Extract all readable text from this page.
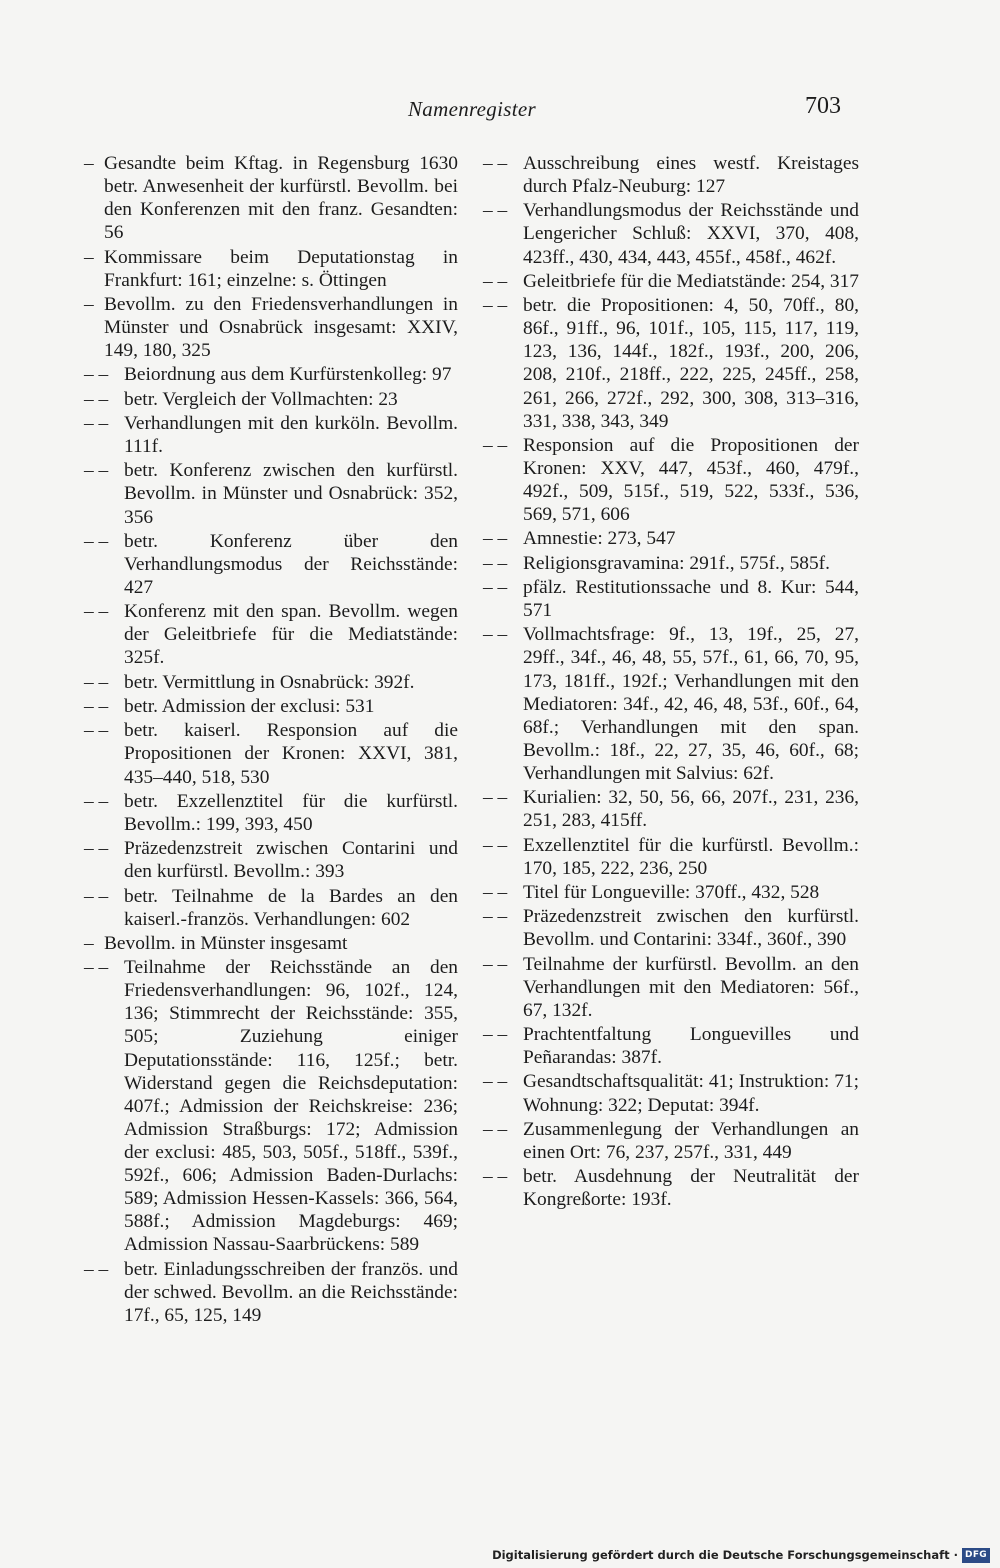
Namenregister	703
– Gesandte beim Kftag. in Regensburg 1630 betr. Anwesenheit der kurfürstl. Bevollm. bei den Konferenzen mit den franz. Gesandten: 56
– Kommissare beim Deputationstag in Frankfurt: 161; einzelne: s. Öttingen
– Bevollm. zu den Friedensverhandlungen in Münster und Osnabrück insgesamt: XXIV, 149, 180, 325
– – Beiordnung aus dem Kurfürstenkolleg: 97
– – betr. Vergleich der Vollmachten: 23
– – Verhandlungen mit den kurköln. Bevollm. 111f.
– – betr. Konferenz zwischen den kurfürstl. Bevollm. in Münster und Osnabrück: 352, 356
– – betr. Konferenz über den Verhandlungsmodus der Reichsstände: 427
– – Konferenz mit den span. Bevollm. wegen der Geleitbriefe für die Mediatstände: 325f.
– – betr. Vermittlung in Osnabrück: 392f.
– – betr. Admission der exclusi: 531
– – betr. kaiserl. Responsion auf die Propositionen der Kronen: XXVI, 381, 435–440, 518, 530
– – betr. Exzellenztitel für die kurfürstl. Bevollm.: 199, 393, 450
– – Präzedenzstreit zwischen Contarini und den kurfürstl. Bevollm.: 393
– – betr. Teilnahme de la Bardes an den kaiserl.-französ. Verhandlungen: 602
– Bevollm. in Münster insgesamt
– – Teilnahme der Reichsstände an den Friedensverhandlungen: 96, 102f., 124, 136; Stimmrecht der Reichsstände: 355, 505; Zuziehung einiger Deputationsstände: 116, 125f.; betr. Widerstand gegen die Reichsdeputation: 407f.; Admission der Reichskreise: 236; Admission Straßburgs: 172; Admission der exclusi: 485, 503, 505f., 518ff., 539f., 592f., 606; Admission Baden-Durlachs: 589; Admission Hessen-Kassels: 366, 564, 588f.; Admission Magdeburgs: 469; Admission Nassau-Saarbrückens: 589
– – betr. Einladungsschreiben der französ. und der schwed. Bevollm. an die Reichsstände: 17f., 65, 125, 149
– – Ausschreibung eines westf. Kreistages durch Pfalz-Neuburg: 127
– – Verhandlungsmodus der Reichsstände und Lengericher Schluß: XXVI, 370, 408, 423ff., 430, 434, 443, 455f., 458f., 462f.
– – Geleitbriefe für die Mediatstände: 254, 317
– – betr. die Propositionen: 4, 50, 70ff., 80, 86f., 91ff., 96, 101f., 105, 115, 117, 119, 123, 136, 144f., 182f., 193f., 200, 206, 208, 210f., 218ff., 222, 225, 245ff., 258, 261, 266, 272f., 292, 300, 308, 313–316, 331, 338, 343, 349
– – Responsion auf die Propositionen der Kronen: XXV, 447, 453f., 460, 479f., 492f., 509, 515f., 519, 522, 533f., 536, 569, 571, 606
– – Amnestie: 273, 547
– – Religionsgravamina: 291f., 575f., 585f.
– – pfälz. Restitutionssache und 8. Kur: 544, 571
– – Vollmachtsfrage: 9f., 13, 19f., 25, 27, 29ff., 34f., 46, 48, 55, 57f., 61, 66, 70, 95, 173, 181ff., 192f.; Verhandlungen mit den Mediatoren: 34f., 42, 46, 48, 53f., 60f., 64, 68f.; Verhandlungen mit den span. Bevollm.: 18f., 22, 27, 35, 46, 60f., 68; Verhandlungen mit Salvius: 62f.
– – Kurialien: 32, 50, 56, 66, 207f., 231, 236, 251, 283, 415ff.
– – Exzellenztitel für die kurfürstl. Bevollm.: 170, 185, 222, 236, 250
– – Titel für Longueville: 370ff., 432, 528
– – Präzedenzstreit zwischen den kurfürstl. Bevollm. und Contarini: 334f., 360f., 390
– – Teilnahme der kurfürstl. Bevollm. an den Verhandlungen mit den Mediatoren: 56f., 67, 132f.
– – Prachtentfaltung Longuevilles und Peñarandas: 387f.
– – Gesandtschaftsqualität: 41; Instruktion: 71; Wohnung: 322; Deputat: 394f.
– – Zusammenlegung der Verhandlungen an einen Ort: 76, 237, 257f., 331, 449
– – betr. Ausdehnung der Neutralität der Kongreßorte: 193f.
Digitalisierung gefördert durch die Deutsche Forschungsgemeinschaft · DFG
